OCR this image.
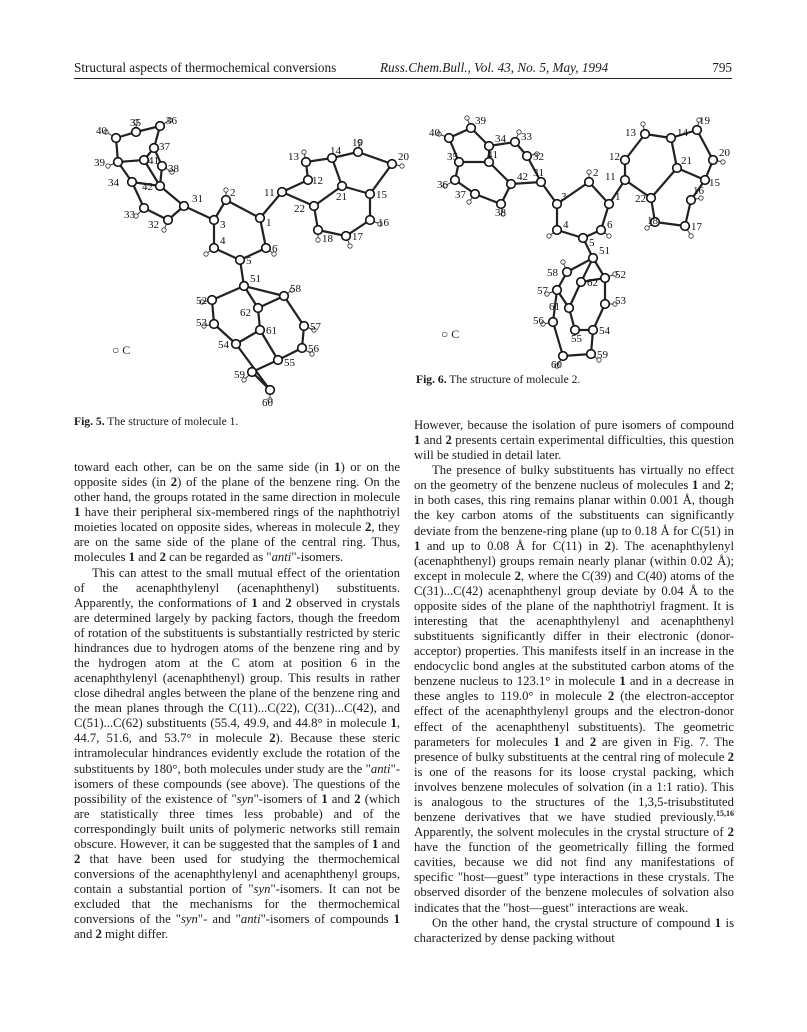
Structural aspects of thermochemical conversions	Russ.Chem.Bull., Vol. 43, No. 5, May, 1994	795
40
35 36
37
39	41
38
34 42
31
33
32
2
3
4
5
1
6
11
12
13	14
19
20
15
21
22
16
17
18
51
58
52
62
53
61	57
54	56
55
59
60
○ C
Fig. 5. The structure of molecule 1.
40
39
34 33
32
35	41
36
37
42
38
31
3
2
1
4	6
5
11
12
13	14
19
21
20
15
22
16
18	17
51
58	52
62
57
53
61
56
55
54
60
59
○ C
Fig. 6. The structure of molecule 2.

toward each other, can be on the same side (in 1) or on the opposite sides (in 2) of the plane of the benzene ring. On the other hand, the groups rotated in the same direction in molecule 1 have their peripheral six-membered rings of the naphthotriyl moieties located on opposite sides, whereas in molecule 2, they are on the same side of the plane of the central ring. Thus, molecules 1 and 2 can be regarded as "anti"-isomers.

This can attest to the small mutual effect of the orientation of the acenaphthylenyl (acenaphthenyl) substituents. Apparently, the conformations of 1 and 2 observed in crystals are determined largely by packing factors, though the freedom of rotation of the substituents is substantially restricted by steric hindrances due to hydrogen atoms of the benzene ring and by the hydrogen atom at the C atom at position 6 in the acenaphthylenyl (acenaphthenyl) group. This results in rather close dihedral angles between the plane of the benzene ring and the mean planes through the C(11)...C(22), C(31)...C(42), and C(51)...C(62) substituents (55.4, 49.9, and 44.8° in molecule 1, 44.7, 51.6, and 53.7° in molecule 2). Because these steric intramolecular hindrances evidently exclude the rotation of the substituents by 180°, both molecules under study are the "anti"-isomers of these compounds (see above). The questions of the possibility of the existence of "syn"-isomers of 1 and 2 (which are statistically three times less probable) and of the correspondingly built units of polymeric networks still remain obscure. However, it can be suggested that the samples of 1 and 2 that have been used for studying the thermochemical conversions of the acenaphthylenyl and acenaphthenyl groups, contain a substantial portion of "syn"-isomers. It can not be excluded that the mechanisms for the thermochemical conversions of the "syn"- and "anti"-isomers of compounds 1 and 2 might differ.

However, because the isolation of pure isomers of compound 1 and 2 presents certain experimental difficulties, this question will be studied in detail later.

The presence of bulky substituents has virtually no effect on the geometry of the benzene nucleus of molecules 1 and 2; in both cases, this ring remains planar within 0.001 Å, though the key carbon atoms of the substituents can significantly deviate from the benzene-ring plane (up to 0.18 Å for C(51) in 1 and up to 0.08 Å for C(11) in 2). The acenaphthylenyl (acenaphthenyl) groups remain nearly planar (within 0.02 Å); except in molecule 2, where the C(39) and C(40) atoms of the C(31)...C(42) acenaphthenyl group deviate by 0.04 Å to the opposite sides of the plane of the naphthotriyl fragment. It is interesting that the acenaphthylenyl and acenaphthenyl substituents significantly differ in their electronic (donor-acceptor) properties. This manifests itself in an increase in the endocyclic bond angles at the substituted carbon atoms of the benzene nucleus to 123.1° in molecule 1 and in a decrease in these angles to 119.0° in molecule 2 (the electron-acceptor effect of the acenaphthylenyl groups and the electron-donor effect of the acenaphthenyl substituents). The geometric parameters for molecules 1 and 2 are given in Fig. 7. The presence of bulky substituents at the central ring of molecule 2 is one of the reasons for its loose crystal packing, which involves benzene molecules of solvation (in a 1:1 ratio). This is analogous to the structures of the 1,3,5-trisubstituted benzene derivatives that we have studied previously.$^{15,16}$ Apparently, the solvent molecules in the crystal structure of 2 have the function of the geometrically filling the formed cavities, because we did not find any manifestations of specific "host—guest" type interactions in these crystals. The observed disorder of the benzene molecules of solvation also indicates that the "host—guest" interactions are weak.

On the other hand, the crystal structure of compound 1 is characterized by dense packing without
